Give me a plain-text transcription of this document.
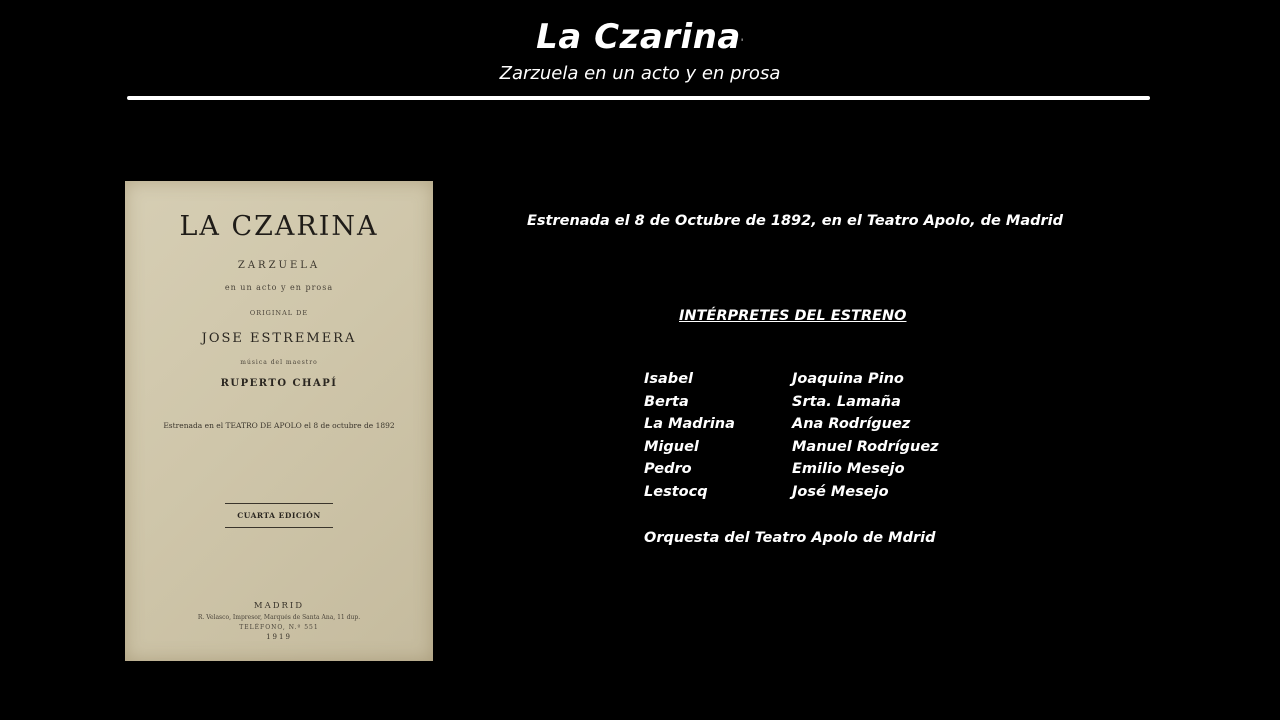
La Czarina'
Zarzuela en un acto y en prosa
LA CZARINA
ZARZUELA
en un acto y en prosa
ORIGINAL DE
JOSE ESTREMERA
música del maestro
RUPERTO CHAPÍ
Estrenada en el TEATRO DE APOLO el 8 de octubre de 1892
CUARTA EDICIÓN
MADRID
R. Velasco, Impresor, Marqués de Santa Ana, 11 dup.
TELÉFONO, N.º 551
1919
Estrenada el 8 de Octubre de 1892, en el Teatro Apolo, de Madrid
INTÉRPRETES DEL ESTRENO
Isabel	Joaquina Pino
Berta	Srta. Lamaña
La Madrina	Ana Rodríguez
Miguel	Manuel Rodríguez
Pedro	Emilio Mesejo
Lestocq	José Mesejo
Orquesta del Teatro Apolo de Mdrid
